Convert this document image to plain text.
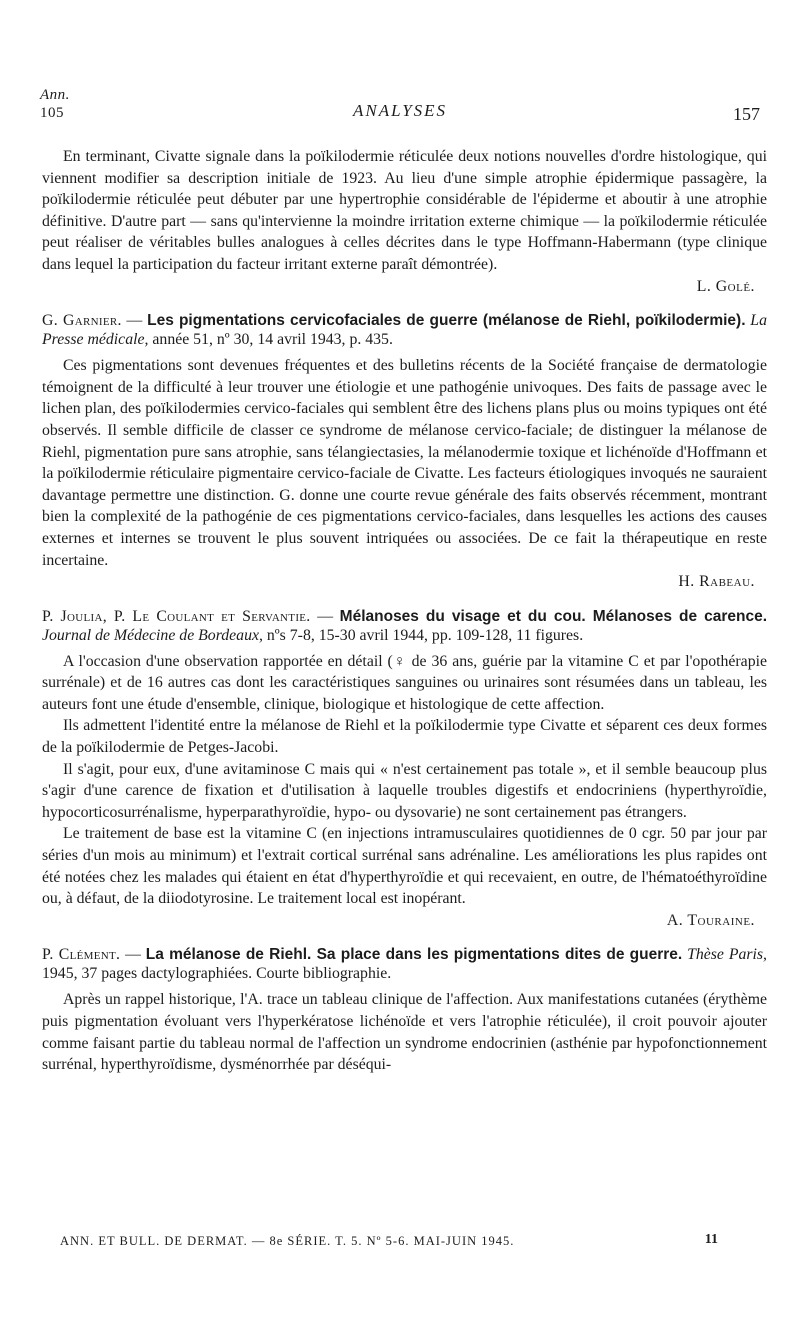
Ann.
105	ANALYSES	157

En terminant, Civatte signale dans la poïkilodermie réticulée deux notions nouvelles d'ordre histologique, qui viennent modifier sa description initiale de 1923. Au lieu d'une simple atrophie épidermique passagère, la poïkilodermie réticulée peut débuter par une hypertrophie considérable de l'épiderme et aboutir à une atrophie définitive. D'autre part — sans qu'intervienne la moindre irritation externe chimique — la poïkilodermie réticulée peut réaliser de véritables bulles analogues à celles décrites dans le type Hoffmann-Habermann (type clinique dans lequel la participation du facteur irritant externe paraît démontrée).

L. Golé.

G. Garnier. — Les pigmentations cervicofaciales de guerre (mélanose de Riehl, poïkilodermie). La Presse médicale, année 51, nº 30, 14 avril 1943, p. 435.

Ces pigmentations sont devenues fréquentes et des bulletins récents de la Société française de dermatologie témoignent de la difficulté à leur trouver une étiologie et une pathogénie univoques. Des faits de passage avec le lichen plan, des poïkilodermies cervico-faciales qui semblent être des lichens plans plus ou moins typiques ont été observés. Il semble difficile de classer ce syndrome de mélanose cervico-faciale; de distinguer la mélanose de Riehl, pigmentation pure sans atrophie, sans télangiectasies, la mélanodermie toxique et lichénoïde d'Hoffmann et la poïkilodermie réticulaire pigmentaire cervico-faciale de Civatte. Les facteurs étiologiques invoqués ne sauraient davantage permettre une distinction. G. donne une courte revue générale des faits observés récemment, montrant bien la complexité de la pathogénie de ces pigmentations cervico-faciales, dans lesquelles les actions des causes externes et internes se trouvent le plus souvent intriquées ou associées. De ce fait la thérapeutique en reste incertaine.

H. Rabeau.

P. Joulia, P. Le Coulant et Servantie. — Mélanoses du visage et du cou. Mélanoses de carence. Journal de Médecine de Bordeaux, nºs 7-8, 15-30 avril 1944, pp. 109-128, 11 figures.

A l'occasion d'une observation rapportée en détail (♀ de 36 ans, guérie par la vitamine C et par l'opothérapie surrénale) et de 16 autres cas dont les caractéristiques sanguines ou urinaires sont résumées dans un tableau, les auteurs font une étude d'ensemble, clinique, biologique et histologique de cette affection.

Ils admettent l'identité entre la mélanose de Riehl et la poïkilodermie type Civatte et séparent ces deux formes de la poïkilodermie de Petges-Jacobi.

Il s'agit, pour eux, d'une avitaminose C mais qui « n'est certainement pas totale », et il semble beaucoup plus s'agir d'une carence de fixation et d'utilisation à laquelle troubles digestifs et endocriniens (hyperthyroïdie, hypocorticosurrénalisme, hyperparathyroïdie, hypo- ou dysovarie) ne sont certainement pas étrangers.

Le traitement de base est la vitamine C (en injections intramusculaires quotidiennes de 0 cgr. 50 par jour par séries d'un mois au minimum) et l'extrait cortical surrénal sans adrénaline. Les améliorations les plus rapides ont été notées chez les malades qui étaient en état d'hyperthyroïdie et qui recevaient, en outre, de l'hématoéthyroïdine ou, à défaut, de la diiodotyrosine. Le traitement local est inopérant.

A. Touraine.

P. Clément. — La mélanose de Riehl. Sa place dans les pigmentations dites de guerre. Thèse Paris, 1945, 37 pages dactylographiées. Courte bibliographie.

Après un rappel historique, l'A. trace un tableau clinique de l'affection. Aux manifestations cutanées (érythème puis pigmentation évoluant vers l'hyperkératose lichénoïde et vers l'atrophie réticulée), il croit pouvoir ajouter comme faisant partie du tableau normal de l'affection un syndrome endocrinien (asthénie par hypofonctionnement surrénal, hyperthyroïdisme, dysménorrhée par déséqui-

ANN. ET BULL. DE DERMAT. — 8e SÉRIE. T. 5. Nº 5-6. MAI-JUIN 1945.	11
